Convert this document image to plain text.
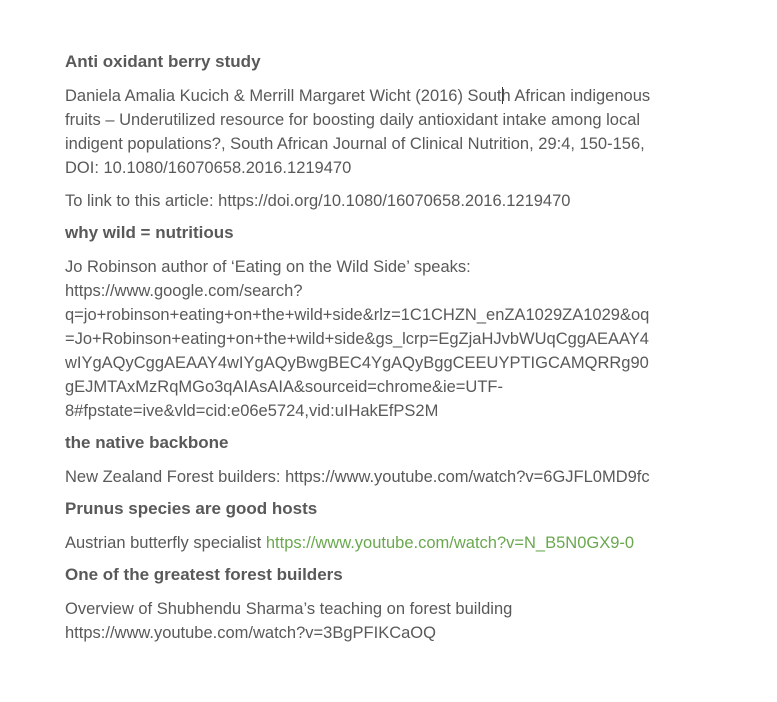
Anti oxidant berry study
Daniela Amalia Kucich & Merrill Margaret Wicht (2016) South African indigenous
fruits – Underutilized resource for boosting daily antioxidant intake among local
indigent populations?, South African Journal of Clinical Nutrition, 29:4, 150-156,
DOI: 10.1080/16070658.2016.1219470
To link to this article: https://doi.org/10.1080/16070658.2016.1219470
why wild = nutritious
Jo Robinson author of ‘Eating on the Wild Side’ speaks:
https://www.google.com/search?
q=jo+robinson+eating+on+the+wild+side&rlz=1C1CHZN_enZA1029ZA1029&oq
=Jo+Robinson+eating+on+the+wild+side&gs_lcrp=EgZjaHJvbWUqCggAEAAY4
wIYgAQyCggAEAAY4wIYgAQyBwgBEC4YgAQyBggCEEUYPTIGCAMQRRg90
gEJMTAxMzRqMGo3qAIAsAIA&sourceid=chrome&ie=UTF-
8#fpstate=ive&vld=cid:e06e5724,vid:uIHakEfPS2M
the native backbone
New Zealand Forest builders: https://www.youtube.com/watch?v=6GJFL0MD9fc
Prunus species are good hosts
Austrian butterfly specialist https://www.youtube.com/watch?v=N_B5N0GX9-0
One of the greatest forest builders
Overview of Shubhendu Sharma’s teaching on forest building
https://www.youtube.com/watch?v=3BgPFIKCaOQ
